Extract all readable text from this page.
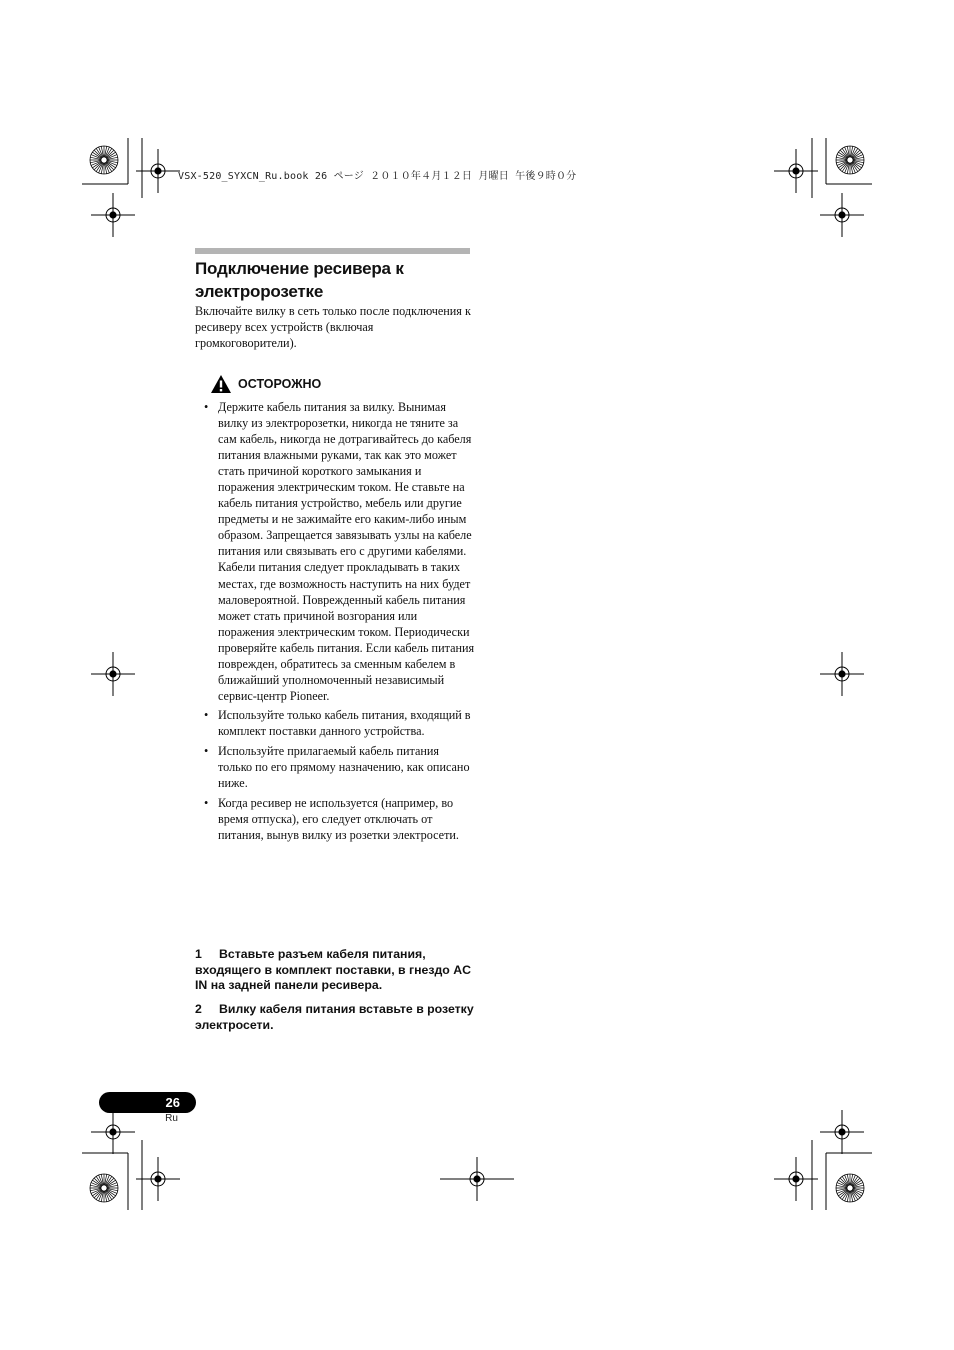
VSX-520_SYXCN_Ru.book 26 ページ ２０１０年４月１２日 月曜日 午後９時０分
Подключение ресивера к электророзетке

Включайте вилку в сеть только после подключения к ресиверу всех устройств (включая громкоговорители).

ОСТОРОЖНО
• Держите кабель питания за вилку. Вынимая вилку из электророзетки, никогда не тяните за сам кабель, никогда не дотрагивайтесь до кабеля питания влажными руками, так как это может стать причиной короткого замыкания и поражения электрическим током. Не ставьте на кабель питания устройство, мебель или другие предметы и не зажимайте его каким-либо иным образом. Запрещается завязывать узлы на кабеле питания или связывать его с другими кабелями. Кабели питания следует прокладывать в таких местах, где возможность наступить на них будет маловероятной. Поврежденный кабель питания может стать причиной возгорания или поражения электрическим током. Периодически проверяйте кабель питания. Если кабель питания поврежден, обратитесь за сменным кабелем в ближайший уполномоченный независимый сервис-центр Pioneer.
• Используйте только кабель питания, входящий в комплект поставки данного устройства.
• Используйте прилагаемый кабель питания только по его прямому назначению, как описано ниже.
• Когда ресивер не используется (например, во время отпуска), его следует отключать от питания, вынув вилку из розетки электросети.

1 Вставьте разъем кабеля питания, входящего в комплект поставки, в гнездо AC IN на задней панели ресивера.

2 Вилку кабеля питания вставьте в розетку электросети.

26
Ru
